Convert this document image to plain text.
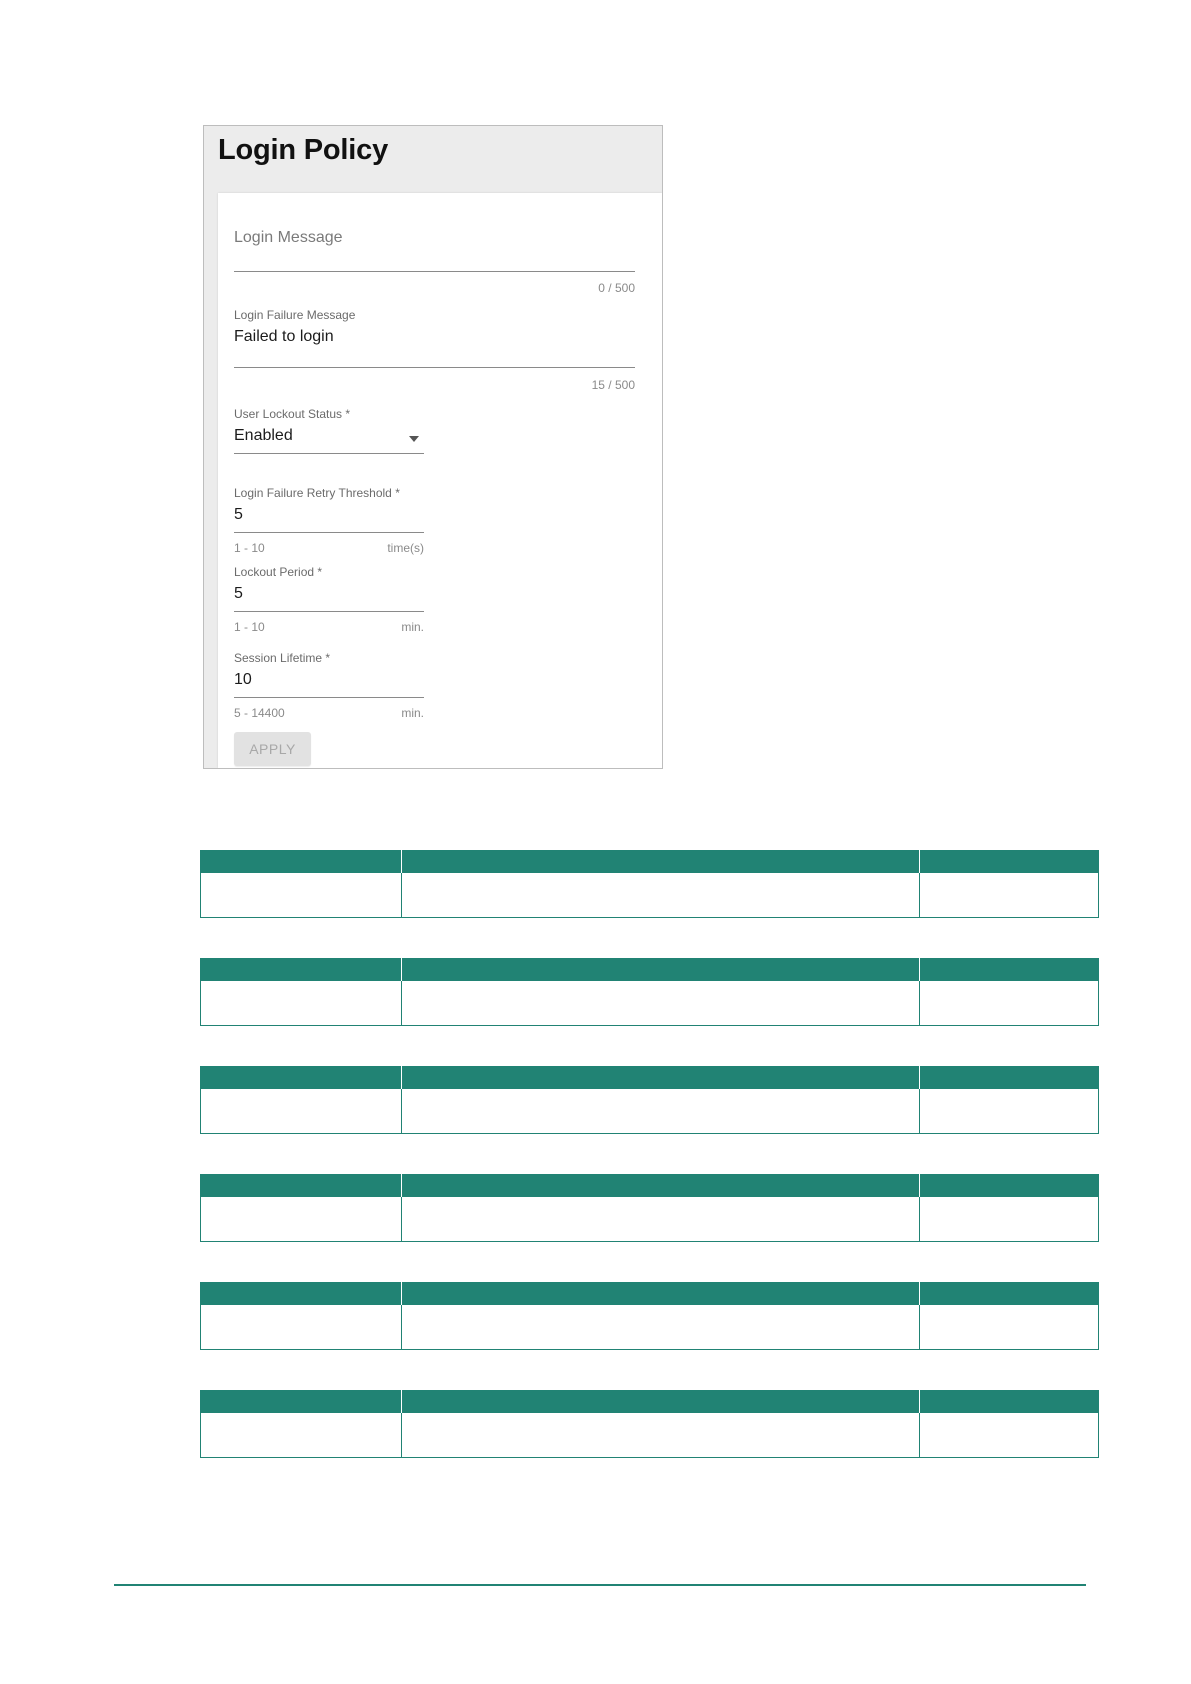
Login Policy
Login Message
0 / 500
Login Failure Message
Failed to login
15 / 500
User Lockout Status *
Enabled
Login Failure Retry Threshold *
5
1 - 10	time(s)
Lockout Period *
5
1 - 10	min.
Session Lifetime *
10
5 - 14400	min.
APPLY
